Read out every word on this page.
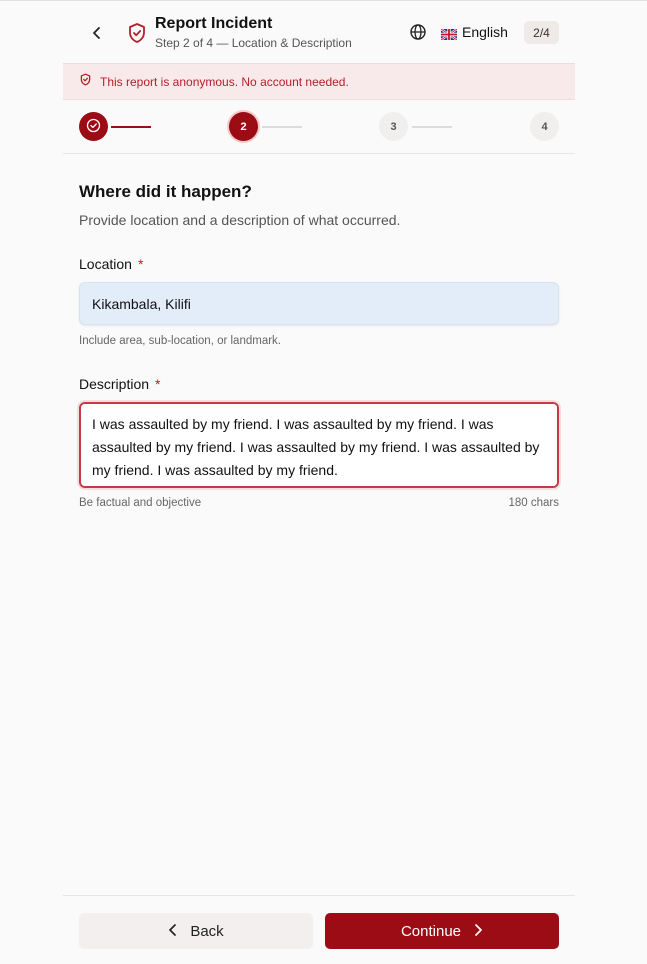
Report Incident
Step 2 of 4 — Location & Description
English	2/4
This report is anonymous. No account needed.
2	3	4
Where did it happen?
Provide location and a description of what occurred.
Location *
Kikambala, Kilifi
Include area, sub-location, or landmark.
Description *
I was assaulted by my friend. I was assaulted by my friend. I was assaulted by my friend. I was assaulted by my friend. I was assaulted by my friend. I was assaulted by my friend.
Be factual and objective	180 chars
Back	Continue
